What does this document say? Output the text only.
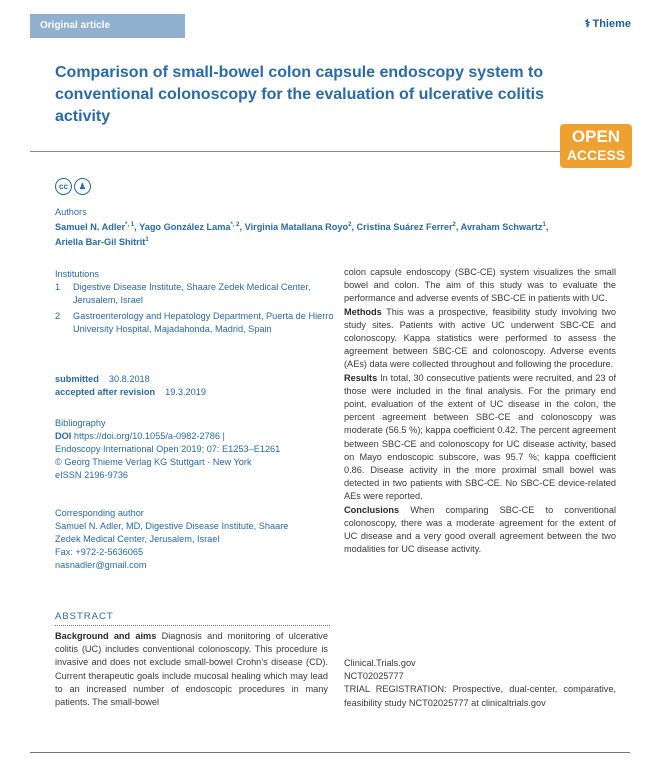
Original article	⚕ Thieme
Comparison of small-bowel colon capsule endoscopy system to conventional colonoscopy for the evaluation of ulcerative colitis activity
OPEN
ACCESS
cc	♟
Authors
Samuel N. Adler$^{*, 1}$, Yago González Lama$^{*, 2}$, Virginia Matallana Royo$^2$, Cristina Suárez Ferrer$^2$, Avraham Schwartz$^1$,
Ariella Bar-Gil Shitrit$^1$
Institutions
1	Digestive Disease Institute, Shaare Zedek Medical Center, Jerusalem, Israel
2	Gastroenterology and Hepatology Department, Puerta de Hierro University Hospital, Majadahonda, Madrid, Spain
submitted 30.8.2018
accepted after revision 19.3.2019
Bibliography
DOI https://doi.org/10.1055/a-0982-2786 |
Endoscopy International Open 2019; 07: E1253–E1261
© Georg Thieme Verlag KG Stuttgart · New York
eISSN 2196-9736
Corresponding author
Samuel N. Adler, MD, Digestive Disease Institute, Shaare
Zedek Medical Center, Jerusalem, Israel
Fax: +972-2-5636065
nasnadler@gmail.com
ABSTRACT

Background and aims Diagnosis and monitoring of ulcerative colitis (UC) includes conventional colonoscopy. This procedure is invasive and does not exclude small-bowel Crohn’s disease (CD). Current therapeutic goals include mucosal healing which may lead to an increased number of endoscopic procedures in many patients. The small-bowel

colon capsule endoscopy (SBC-CE) system visualizes the small bowel and colon. The aim of this study was to evaluate the performance and adverse events of SBC-CE in patients with UC.

Methods This was a prospective, feasibility study involving two study sites. Patients with active UC underwent SBC-CE and colonoscopy. Kappa statistics were performed to assess the agreement between SBC-CE and colonoscopy. Adverse events (AEs) data were collected throughout and following the procedure.

Results In total, 30 consecutive patients were recruited, and 23 of those were included in the final analysis. For the primary end point, evaluation of the extent of UC disease in the colon, the percent agreement between SBC-CE and colonoscopy was moderate (56.5 %); kappa coefficient 0.42. The percent agreement between SBC-CE and colonoscopy for UC disease activity, based on Mayo endoscopic subscore, was 95.7 %; kappa coefficient 0.86. Disease activity in the more proximal small bowel was detected in two patients with SBC-CE. No SBC-CE device-related AEs were reported.

Conclusions When comparing SBC-CE to conventional colonoscopy, there was a moderate agreement for the extent of UC disease and a very good overall agreement between the two modalities for UC disease activity.

Clinical.Trials.gov
NCT02025777
TRIAL REGISTRATION: Prospective, dual-center, comparative, feasibility study NCT02025777 at clinicaltrials.gov
